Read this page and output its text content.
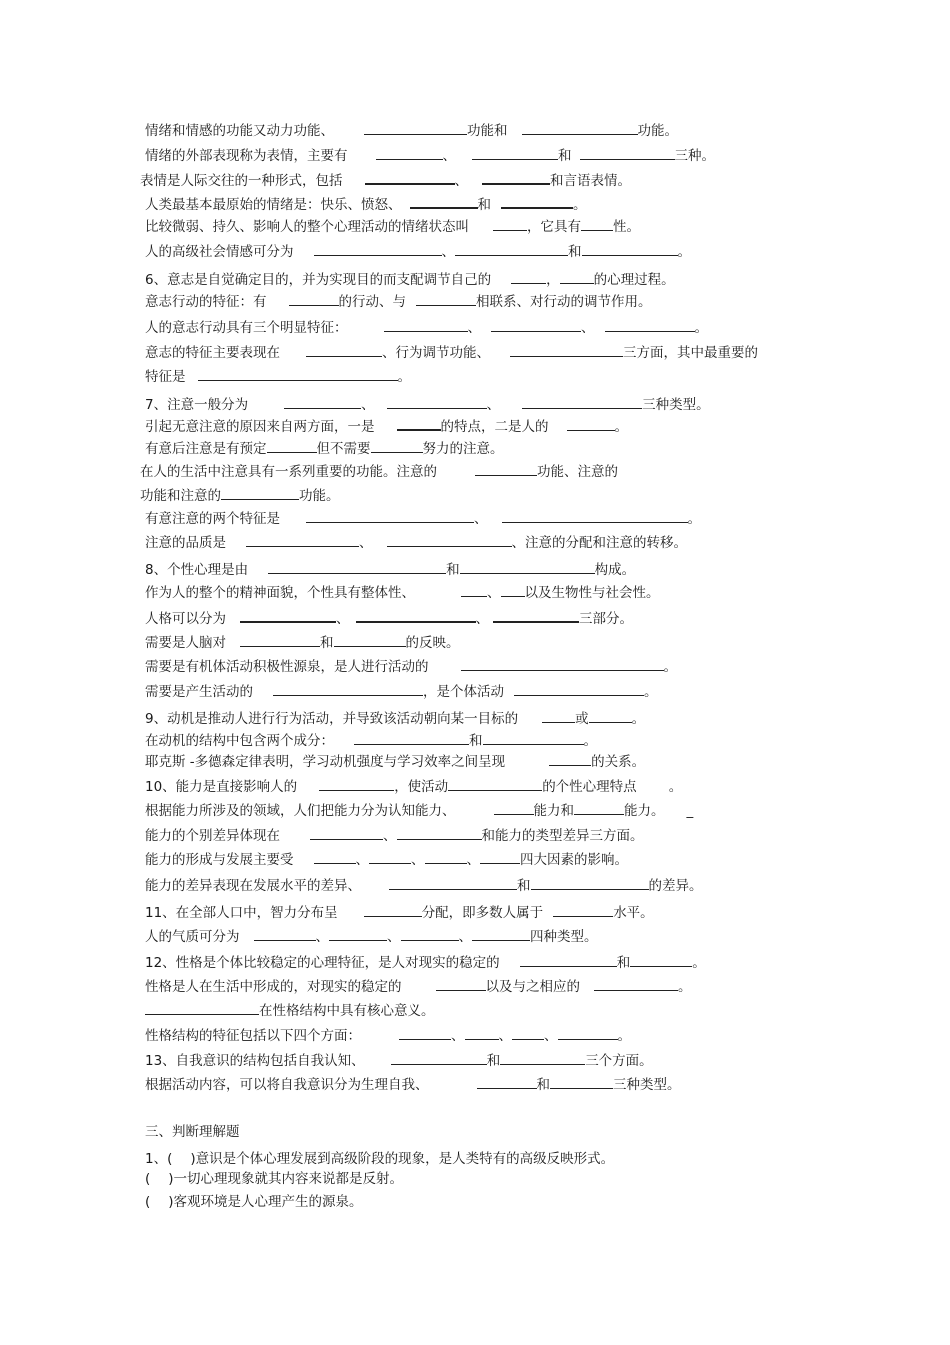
情绪和情感的功能又动力功能、	功能和	功能。
情绪的外部表现称为表情，主要有	、	和	三种。
表情是人际交往的一种形式，包括	、	和言语表情。
人类最基本最原始的情绪是：快乐、愤怒、	和	。
比较微弱、持久、影响人的整个心理活动的情绪状态叫	，它具有 性。
人的高级社会情感可分为	、	和	。
6、意志是自觉确定目的，并为实现目的而支配调节自己的	，	的心理过程。
意志行动的特征：有	的行动、与	相联系、对行动的调节作用。
人的意志行动具有三个明显特征：	、	、	。
意志的特征主要表现在	、行为调节功能、	三方面，其中最重要的
特征是	。
7、注意一般分为	、	、	三种类型。
引起无意注意的原因来自两方面，一是	的特点，二是人的	。
有意后注意是有预定	但不需要	努力的注意。
在人的生活中注意具有一系列重要的功能。注意的	功能、注意的
功能和注意的	功能。
有意注意的两个特征是	、	。
注意的品质是	、	、注意的分配和注意的转移。
8、个性心理是由	和	构成。
作为人的整个的精神面貌，个性具有整体性、	、 以及生物性与社会性。
人格可以分为	、	、	三部分。
需要是人脑对	和	的反映。
需要是有机体活动积极性源泉，是人进行活动的	。
需要是产生活动的	，是个体活动	。
9、动机是推动人进行行为活动，并导致该活动朝向某一目标的	或	。
在动机的结构中包含两个成分：	和	。
耶克斯 -多德森定律表明，学习动机强度与学习效率之间呈现	的关系。
10、能力是直接影响人的	，使活动	的个性心理特点 。
根据能力所涉及的领域，人们把能力分为认知能力、	能力和	能力。 _
能力的个别差异体现在	、	和能力的类型差异三方面。
能力的形成与发展主要受	、	、	、	四大因素的影响。
能力的差异表现在发展水平的差异、	和	的差异。
11、在全部人口中，智力分布呈	分配，即多数人属于	水平。
人的气质可分为	、	、	、	四种类型。
12、性格是个体比较稳定的心理特征，是人对现实的稳定的	和	。
性格是人在生活中形成的，对现实的稳定的	以及与之相应的	。
在性格结构中具有核心意义。
性格结构的特征包括以下四个方面：	、	、 、	。
13、自我意识的结构包括自我认知、	和	三个方面。
根据活动内容，可以将自我意识分为生理自我、	和	三种类型。
三、判断理解题
1、( )意识是个体心理发展到高级阶段的现象，是人类特有的高级反映形式。
( )一切心理现象就其内容来说都是反射。
( )客观环境是人心理产生的源泉。
